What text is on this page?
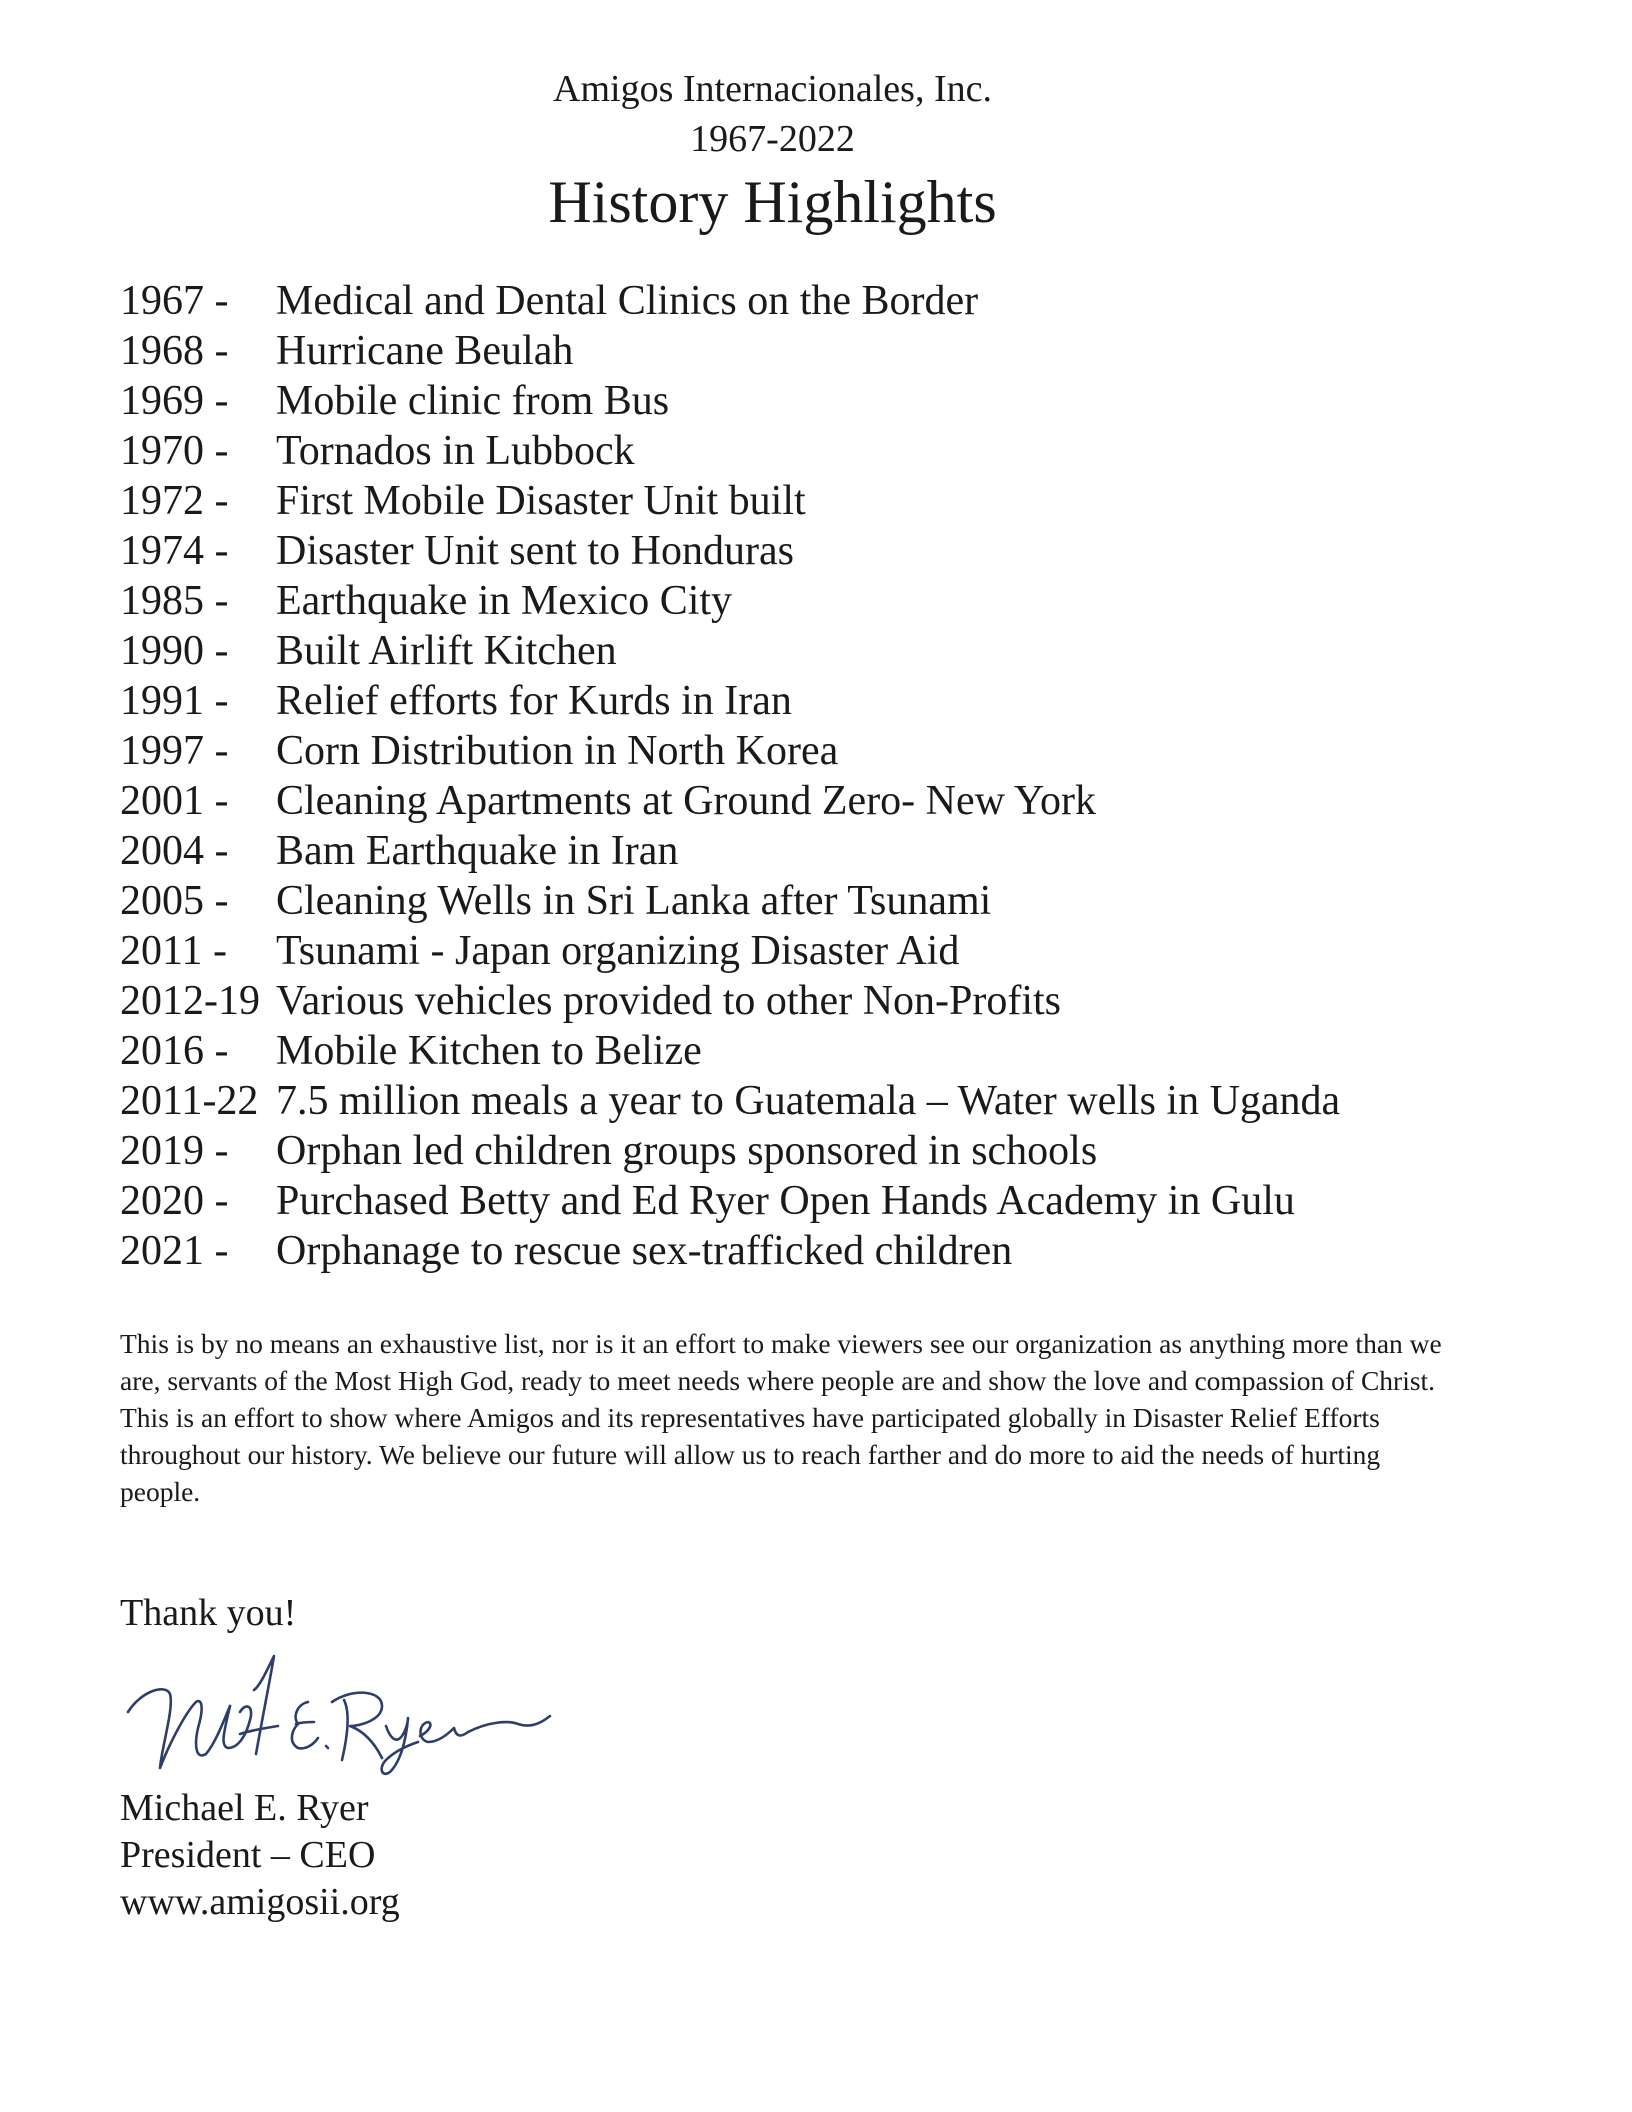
Amigos Internacionales, Inc.
1967-2022
History Highlights
1967 -	Medical and Dental Clinics on the Border
1968 -	Hurricane Beulah
1969 -	Mobile clinic from Bus
1970 -	Tornados in Lubbock
1972 -	First Mobile Disaster Unit built
1974 -	Disaster Unit sent to Honduras
1985 -	Earthquake in Mexico City
1990 -	Built Airlift Kitchen
1991 -	Relief efforts for Kurds in Iran
1997 -	Corn Distribution in North Korea
2001 -	Cleaning Apartments at Ground Zero- New York
2004 -	Bam Earthquake in Iran
2005 -	Cleaning Wells in Sri Lanka after Tsunami
2011 -	Tsunami - Japan organizing Disaster Aid
2012-19 Various vehicles provided to other Non-Profits
2016 -	Mobile Kitchen to Belize
2011-22 7.5 million meals a year to Guatemala – Water wells in Uganda
2019 -	Orphan led children groups sponsored in schools
2020 -	Purchased Betty and Ed Ryer Open Hands Academy in Gulu
2021 -	Orphanage to rescue sex-trafficked children

This is by no means an exhaustive list, nor is it an effort to make viewers see our organization as anything more than we are, servants of the Most High God, ready to meet needs where people are and show the love and compassion of Christ.

This is an effort to show where Amigos and its representatives have participated globally in Disaster Relief Efforts throughout our history. We believe our future will allow us to reach farther and do more to aid the needs of hurting people.

Thank you!
Michael E. Ryer
President – CEO
www.amigosii.org
